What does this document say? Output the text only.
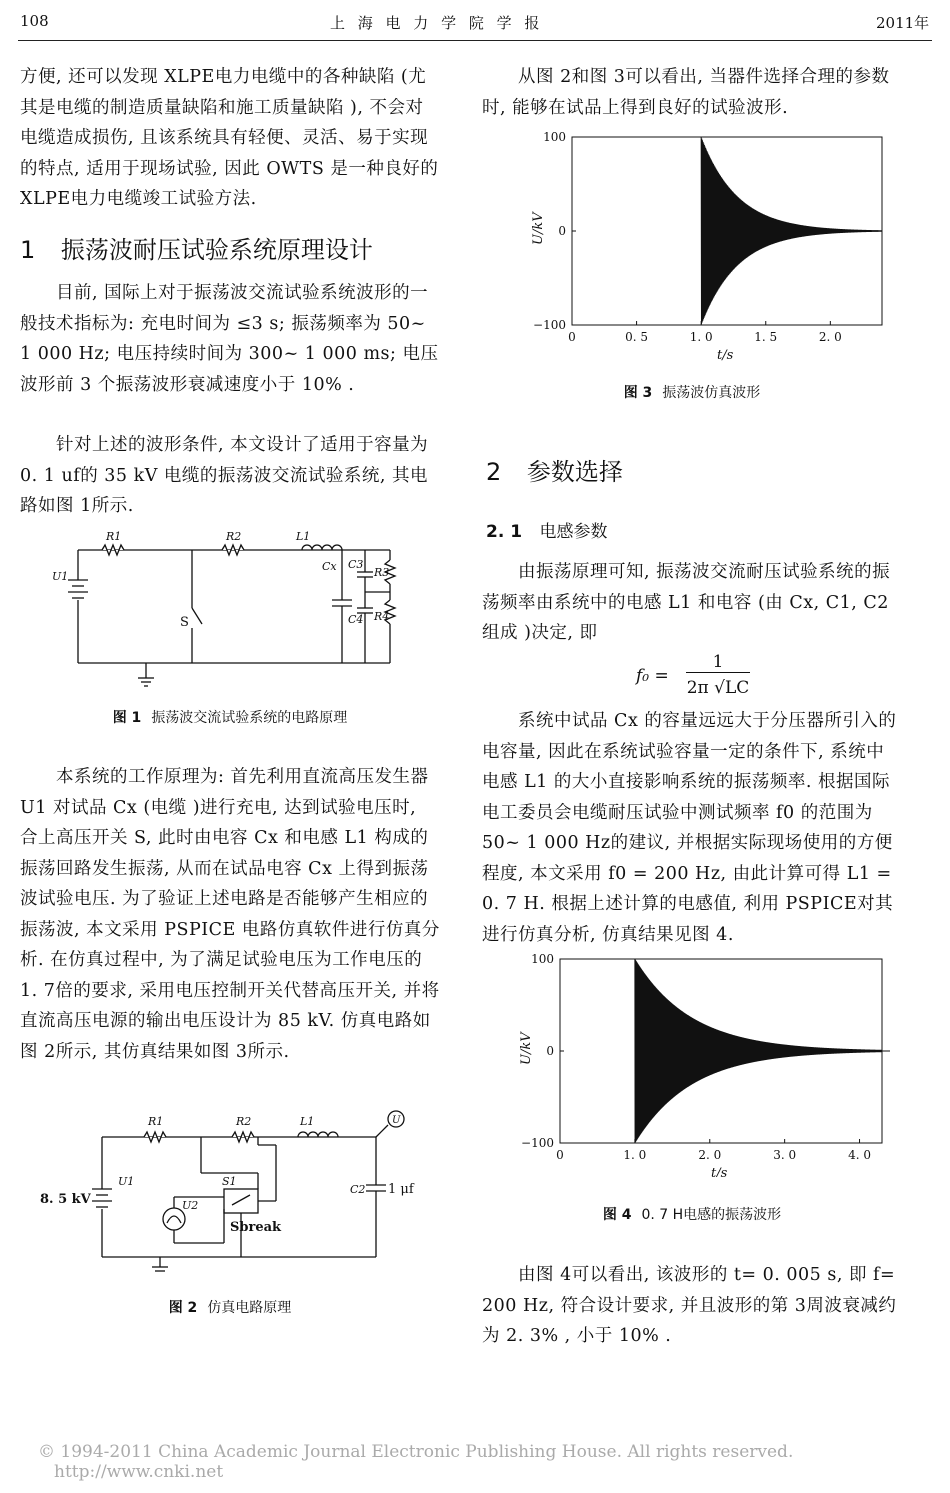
108	上 海 电 力 学 院 学 报	2011年

方便, 还可以发现 XLPE电力电缆中的各种缺陷 (尤其是电缆的制造质量缺陷和施工质量缺陷 ), 不会对电缆造成损伤, 且该系统具有轻便、灵活、易于实现的特点, 适用于现场试验, 因此 OWTS 是一种良好的 XLPE电力电缆竣工试验方法.

1 振荡波耐压试验系统原理设计

目前, 国际上对于振荡波交流试验系统波形的一般技术指标为: 充电时间为 ≤3 s; 振荡频率为 50~ 1 000 Hz; 电压持续时间为 300~ 1 000 ms; 电压波形前 3 个振荡波形衰减速度小于 10% .

针对上述的波形条件, 本文设计了适用于容量为 0. 1 uf的 35 kV 电缆的振荡波交流试验系统, 其电路如图 1所示.

R1	R2	L1
U1
S
Cx C3
C4
R3
R4
图 1 振荡波交流试验系统的电路原理

本系统的工作原理为: 首先利用直流高压发生器 U1 对试品 Cx (电缆 )进行充电, 达到试验电压时, 合上高压开关 S, 此时由电容 Cx 和电感 L1 构成的振荡回路发生振荡, 从而在试品电容 Cx 上得到振荡波试验电压. 为了验证上述电路是否能够产生相应的振荡波, 本文采用 PSPICE 电路仿真软件进行仿真分析. 在仿真过程中, 为了满足试验电压为工作电压的 1. 7倍的要求, 采用电压控制开关代替高压开关, 并将直流高压电源的输出电压设计为 85 kV. 仿真电路如图 2所示, 其仿真结果如图 3所示.

R1	R2	L1
U1
U2
S1
C2
U
8. 5 kV
Sbreak
1 μf
图 2 仿真电路原理

从图 2和图 3可以看出, 当器件选择合理的参数时, 能够在试品上得到良好的试验波形.

100
0
−100
0	0. 5	1. 0	1. 5	2. 0
t/s
U/kV
图 3 振荡波仿真波形
2 参数选择
2. 1 电感参数

由振荡原理可知, 振荡波交流耐压试验系统的振荡频率由系统中的电感 L1 和电容 (由 Cx, C1, C2 组成 )决定, 即

f₀ =
1
2π √LC

系统中试品 Cx 的容量远远大于分压器所引入的电容量, 因此在系统试验容量一定的条件下, 系统中电感 L1 的大小直接影响系统的振荡频率. 根据国际电工委员会电缆耐压试验中测试频率 f0 的范围为 50~ 1 000 Hz的建议, 并根据实际现场使用的方便程度, 本文采用 f0 = 200 Hz, 由此计算可得 L1 = 0. 7 H. 根据上述计算的电感值, 利用 PSPICE对其进行仿真分析, 仿真结果见图 4.

100
0
−100
0	1. 0	2. 0	3. 0	4. 0
t/s
U/kV
图 4 0. 7 H电感的振荡波形

由图 4可以看出, 该波形的 t= 0. 005 s, 即 f= 200 Hz, 符合设计要求, 并且波形的第 3周波衰减约为 2. 3% , 小于 10% .

© 1994-2011 China Academic Journal Electronic Publishing House. All rights reserved. http://www.cnki.net
